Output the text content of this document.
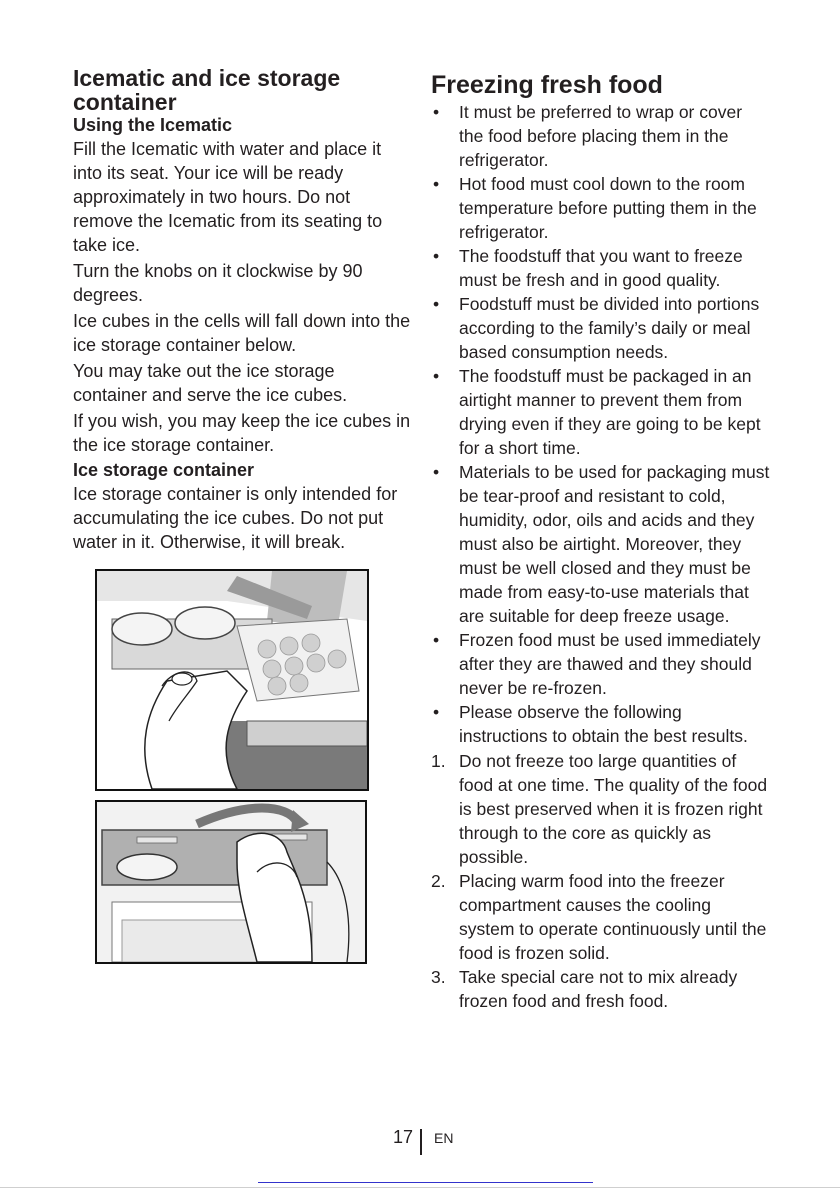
Icematic and ice storage container
Using the Icematic

Fill the Icematic with water and place it into its seat. Your ice will be ready approximately in two hours. Do not remove the Icematic from its seating to take ice.

Turn the knobs on it clockwise by 90 degrees.

Ice cubes in the cells will fall down into the ice storage container below.

You may take out the ice storage container and serve the ice cubes.

If you wish, you may keep the ice cubes in the ice storage container.

Ice storage container

Ice storage container is only intended for accumulating the ice cubes. Do not put water in it. Otherwise, it will break.

Freezing fresh food
• It must be preferred to wrap or cover the food before placing them in the refrigerator.
• Hot food must cool down to the room temperature before putting them in the refrigerator.
• The foodstuff that you want to freeze must be fresh and in good quality.
• Foodstuff must be divided into portions according to the family’s daily or meal based consumption needs.
• The foodstuff must be packaged in an airtight manner to prevent them from drying even if they are going to be kept for a short time.
• Materials to be used for packaging must be tear-proof and resistant to cold, humidity, odor, oils and acids and they must also be airtight. Moreover, they must be well closed and they must be made from easy-to-use materials that are suitable for deep freeze usage.
• Frozen food must be used immediately after they are thawed and they should never be re-frozen.
• Please observe the following instructions to obtain the best results.
1. Do not freeze too large quantities of food at one time. The quality of the food is best preserved when it is frozen right through to the core as quickly as possible.
2. Placing warm food into the freezer compartment causes the cooling system to operate continuously until the food is frozen solid.
3. Take special care not to mix already frozen food and fresh food.
17 EN
